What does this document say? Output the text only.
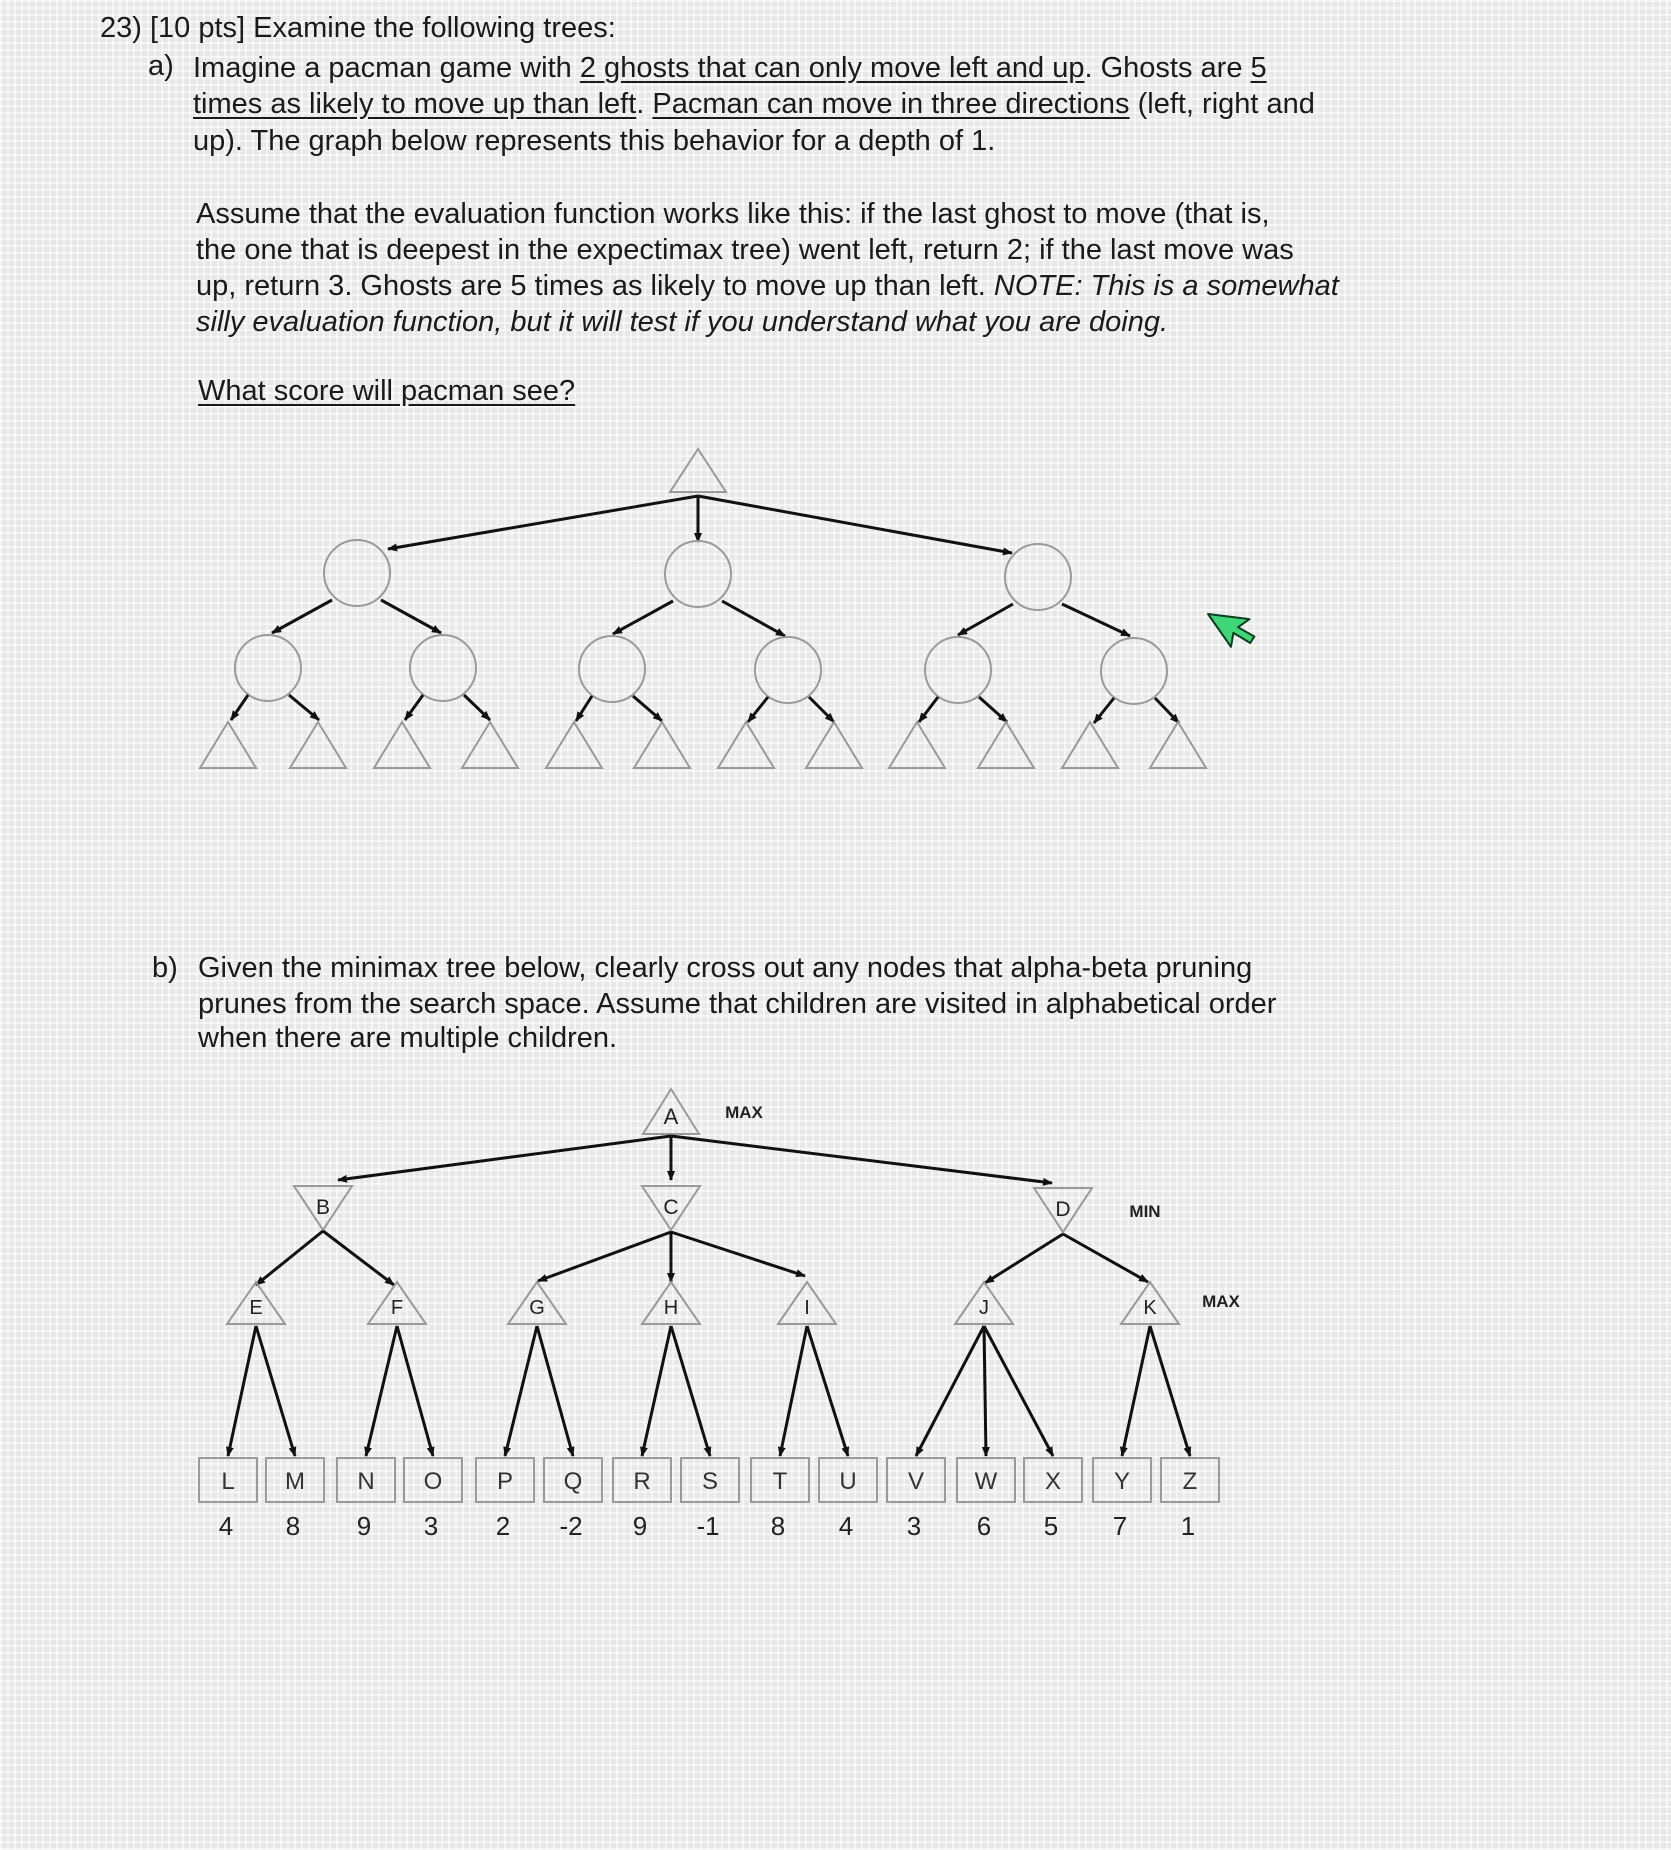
23) [10 pts] Examine the following trees:
a) Imagine a pacman game with 2 ghosts that can only move left and up. Ghosts are 5
times as likely to move up than left. Pacman can move in three directions (left, right and
up). The graph below represents this behavior for a depth of 1.
Assume that the evaluation function works like this: if the last ghost to move (that is,
the one that is deepest in the expectimax tree) went left, return 2; if the last move was
up, return 3. Ghosts are 5 times as likely to move up than left. NOTE: This is a somewhat
silly evaluation function, but it will test if you understand what you are doing.
What score will pacman see?
b) Given the minimax tree below, clearly cross out any nodes that alpha-beta pruning
prunes from the search space. Assume that children are visited in alphabetical order
when there are multiple children.
MAX
MIN
MAX
A
B	C	D
E	F	G	H	I	J	K
L M N O P Q R S T U V W X Y Z
4 8 9 3 2 -2 9 -1 8 4 3 6 5 7 1
